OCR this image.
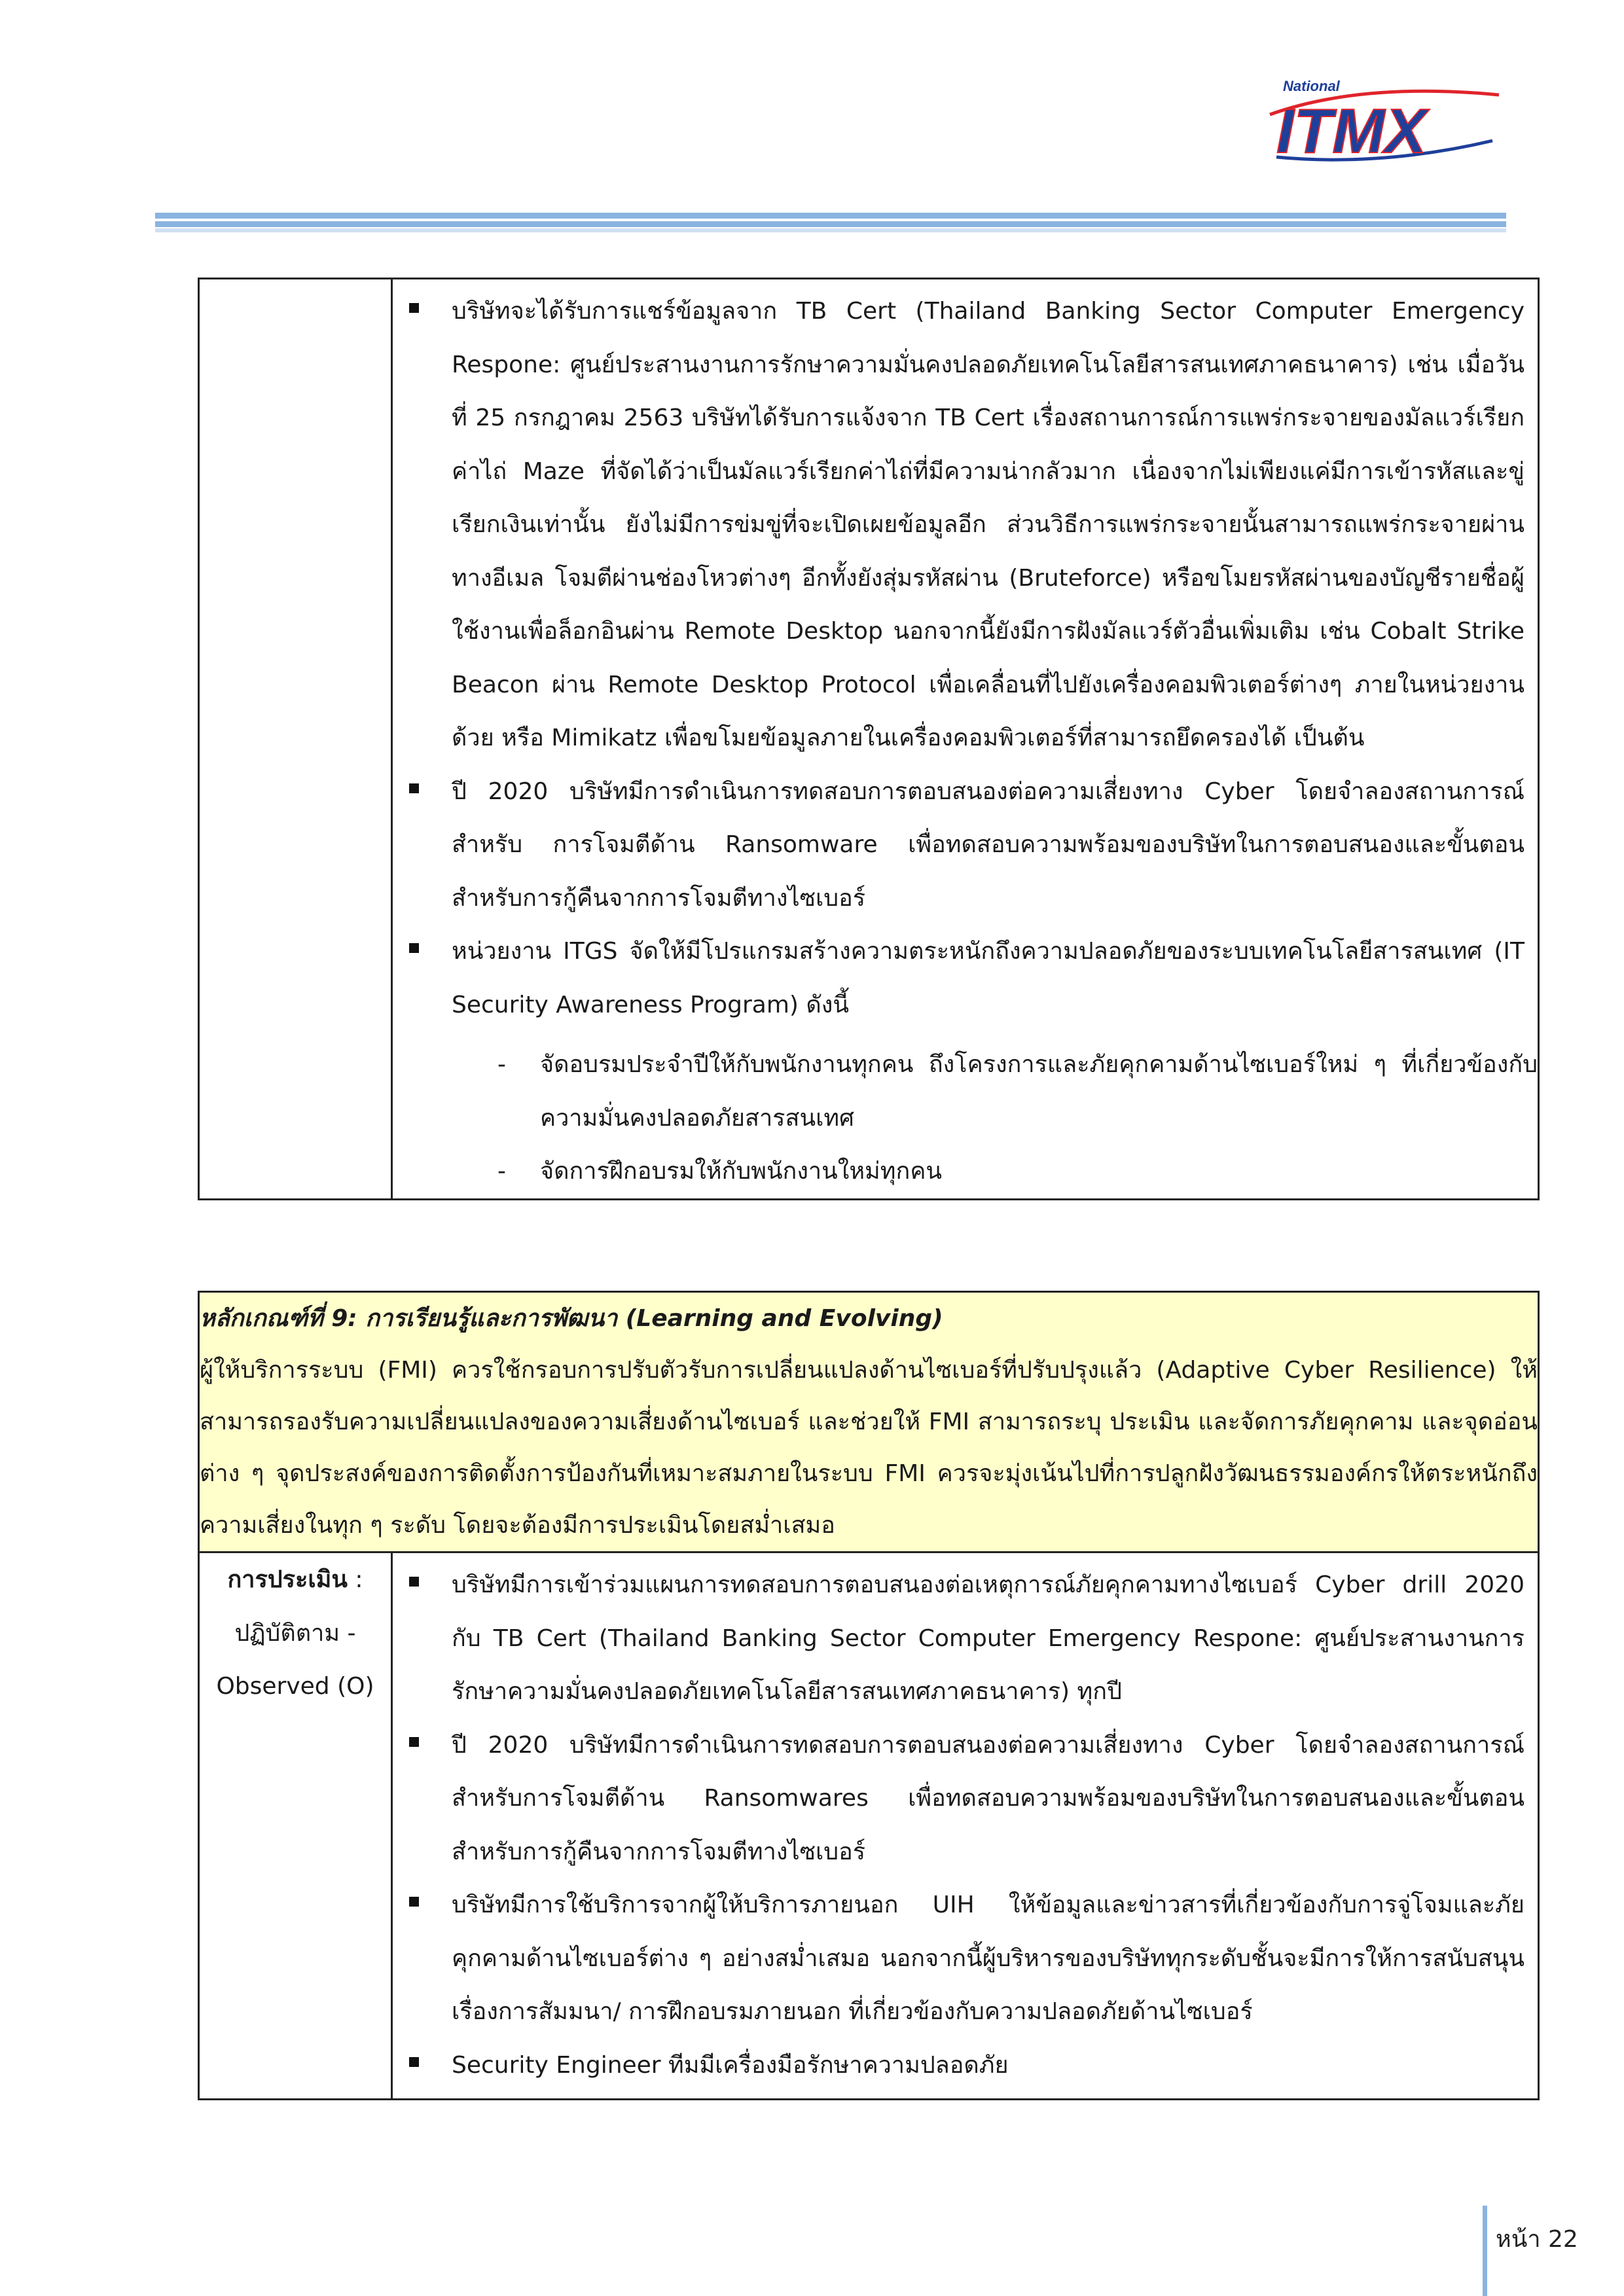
National
ITMX

บริษัทจะได้รับการแชร์ข้อมูลจาก TB Cert (Thailand Banking Sector Computer Emergency Respone: ศูนย์ประสานงานการรักษาความมั่นคงปลอดภัยเทคโนโลยีสารสนเทศภาคธนาคาร) เช่น เมื่อวันที่ 25 กรกฎาคม 2563 บริษัทได้รับการแจ้งจาก TB Cert เรื่องสถานการณ์การแพร่กระจายของมัลแวร์เรียกค่าไถ่ Maze ที่จัดได้ว่าเป็นมัลแวร์เรียกค่าไถ่ที่มีความน่ากลัวมาก เนื่องจากไม่เพียงแค่มีการเข้ารหัสและขู่เรียกเงินเท่านั้น ยังไม่มีการข่มขู่ที่จะเปิดเผยข้อมูลอีก ส่วนวิธีการแพร่กระจายนั้นสามารถแพร่กระจายผ่านทางอีเมล โจมตีผ่านช่องโหวต่างๆ อีกทั้งยังสุ่มรหัสผ่าน (Bruteforce) หรือขโมยรหัสผ่านของบัญชีรายชื่อผู้ใช้งานเพื่อล็อกอินผ่าน Remote Desktop นอกจากนี้ยังมีการฝังมัลแวร์ตัวอื่นเพิ่มเติม เช่น Cobalt Strike Beacon ผ่าน Remote Desktop Protocol เพื่อเคลื่อนที่ไปยังเครื่องคอมพิวเตอร์ต่างๆ ภายในหน่วยงานด้วย หรือ Mimikatz เพื่อขโมยข้อมูลภายในเครื่องคอมพิวเตอร์ที่สามารถยึดครองได้ เป็นต้น
ปี 2020 บริษัทมีการดำเนินการทดสอบการตอบสนองต่อความเสี่ยงทาง Cyber โดยจำลองสถานการณ์สำหรับ การโจมตีด้าน Ransomware เพื่อทดสอบความพร้อมของบริษัทในการตอบสนองและขั้นตอนสำหรับการกู้คืนจากการโจมตีทางไซเบอร์
หน่วยงาน ITGS จัดให้มีโปรแกรมสร้างความตระหนักถึงความปลอดภัยของระบบเทคโนโลยีสารสนเทศ (IT Security Awareness Program) ดังนี้
- จัดอบรมประจำปีให้กับพนักงานทุกคน ถึงโครงการและภัยคุกคามด้านไซเบอร์ใหม่ ๆ ที่เกี่ยวข้องกับความมั่นคงปลอดภัยสารสนเทศ
- จัดการฝึกอบรมให้กับพนักงานใหม่ทุกคน
หลักเกณฑ์ที่ 9: การเรียนรู้และการพัฒนา (Learning and Evolving)
ผู้ให้บริการระบบ (FMI) ควรใช้กรอบการปรับตัวรับการเปลี่ยนแปลงด้านไซเบอร์ที่ปรับปรุงแล้ว (Adaptive Cyber Resilience) ให้สามารถรองรับความเปลี่ยนแปลงของความเสี่ยงด้านไซเบอร์ และช่วยให้ FMI สามารถระบุ ประเมิน และจัดการภัยคุกคาม และจุดอ่อนต่าง ๆ จุดประสงค์ของการติดตั้งการป้องกันที่เหมาะสมภายในระบบ FMI ควรจะมุ่งเน้นไปที่การปลูกฝังวัฒนธรรมองค์กรให้ตระหนักถึงความเสี่ยงในทุก ๆ ระดับ โดยจะต้องมีการประเมินโดยสม่ำเสมอ

การประเมิน :
ปฏิบัติตาม -
Observed (O)

บริษัทมีการเข้าร่วมแผนการทดสอบการตอบสนองต่อเหตุการณ์ภัยคุกคามทางไซเบอร์ Cyber drill 2020 กับ TB Cert (Thailand Banking Sector Computer Emergency Respone: ศูนย์ประสานงานการรักษาความมั่นคงปลอดภัยเทคโนโลยีสารสนเทศภาคธนาคาร) ทุกปี
ปี 2020 บริษัทมีการดำเนินการทดสอบการตอบสนองต่อความเสี่ยงทาง Cyber โดยจำลองสถานการณ์สำหรับการโจมตีด้าน Ransomwares เพื่อทดสอบความพร้อมของบริษัทในการตอบสนองและขั้นตอนสำหรับการกู้คืนจากการโจมตีทางไซเบอร์
บริษัทมีการใช้บริการจากผู้ให้บริการภายนอก UIH ให้ข้อมูลและข่าวสารที่เกี่ยวข้องกับการจู่โจมและภัยคุกคามด้านไซเบอร์ต่าง ๆ อย่างสม่ำเสมอ นอกจากนี้ผู้บริหารของบริษัททุกระดับชั้นจะมีการให้การสนับสนุนเรื่องการสัมมนา/ การฝึกอบรมภายนอก ที่เกี่ยวข้องกับความปลอดภัยด้านไซเบอร์
Security Engineer ทีมมีเครื่องมือรักษาความปลอดภัย
หน้า 22
